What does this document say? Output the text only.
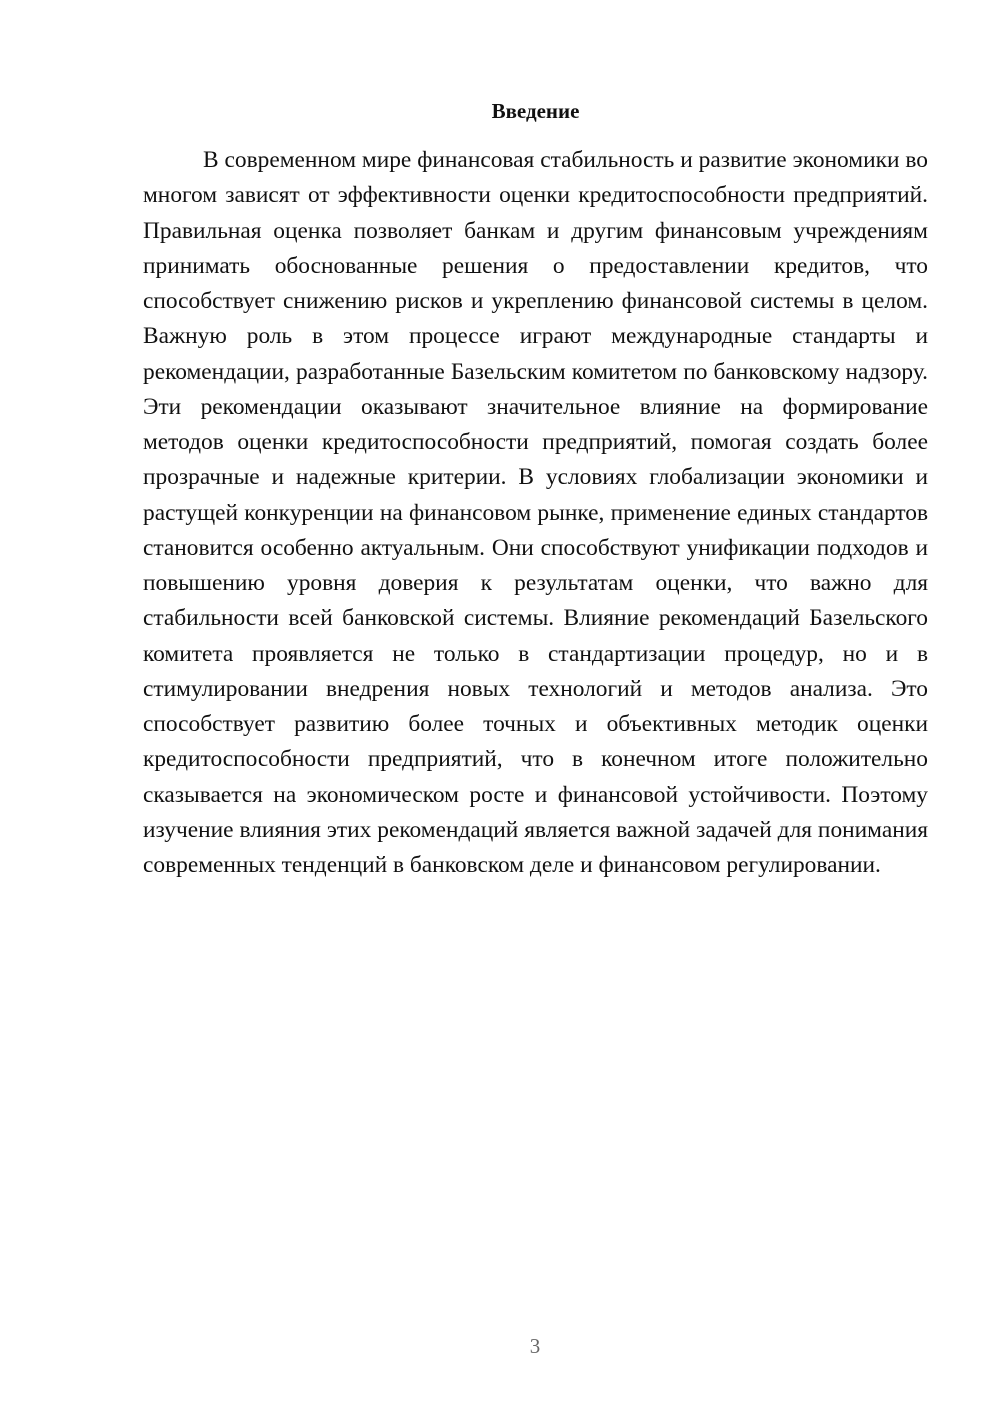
Введение

В современном мире финансовая стабильность и развитие экономики во многом зависят от эффективности оценки кредитоспособности предприятий. Правильная оценка позволяет банкам и другим финансовым учреждениям принимать обоснованные решения о предоставлении кредитов, что способствует снижению рисков и укреплению финансовой системы в целом. Важную роль в этом процессе играют международные стандарты и рекомендации, разработанные Базельским комитетом по банковскому надзору. Эти рекомендации оказывают значительное влияние на формирование методов оценки кредитоспособности предприятий, помогая создать более прозрачные и надежные критерии. В условиях глобализации экономики и растущей конкуренции на финансовом рынке, применение единых стандартов становится особенно актуальным. Они способствуют унификации подходов и повышению уровня доверия к результатам оценки, что важно для стабильности всей банковской системы. Влияние рекомендаций Базельского комитета проявляется не только в стандартизации процедур, но и в стимулировании внедрения новых технологий и методов анализа. Это способствует развитию более точных и объективных методик оценки кредитоспособности предприятий, что в конечном итоге положительно сказывается на экономическом росте и финансовой устойчивости. Поэтому изучение влияния этих рекомендаций является важной задачей для понимания современных тенденций в банковском деле и финансовом регулировании.

3
